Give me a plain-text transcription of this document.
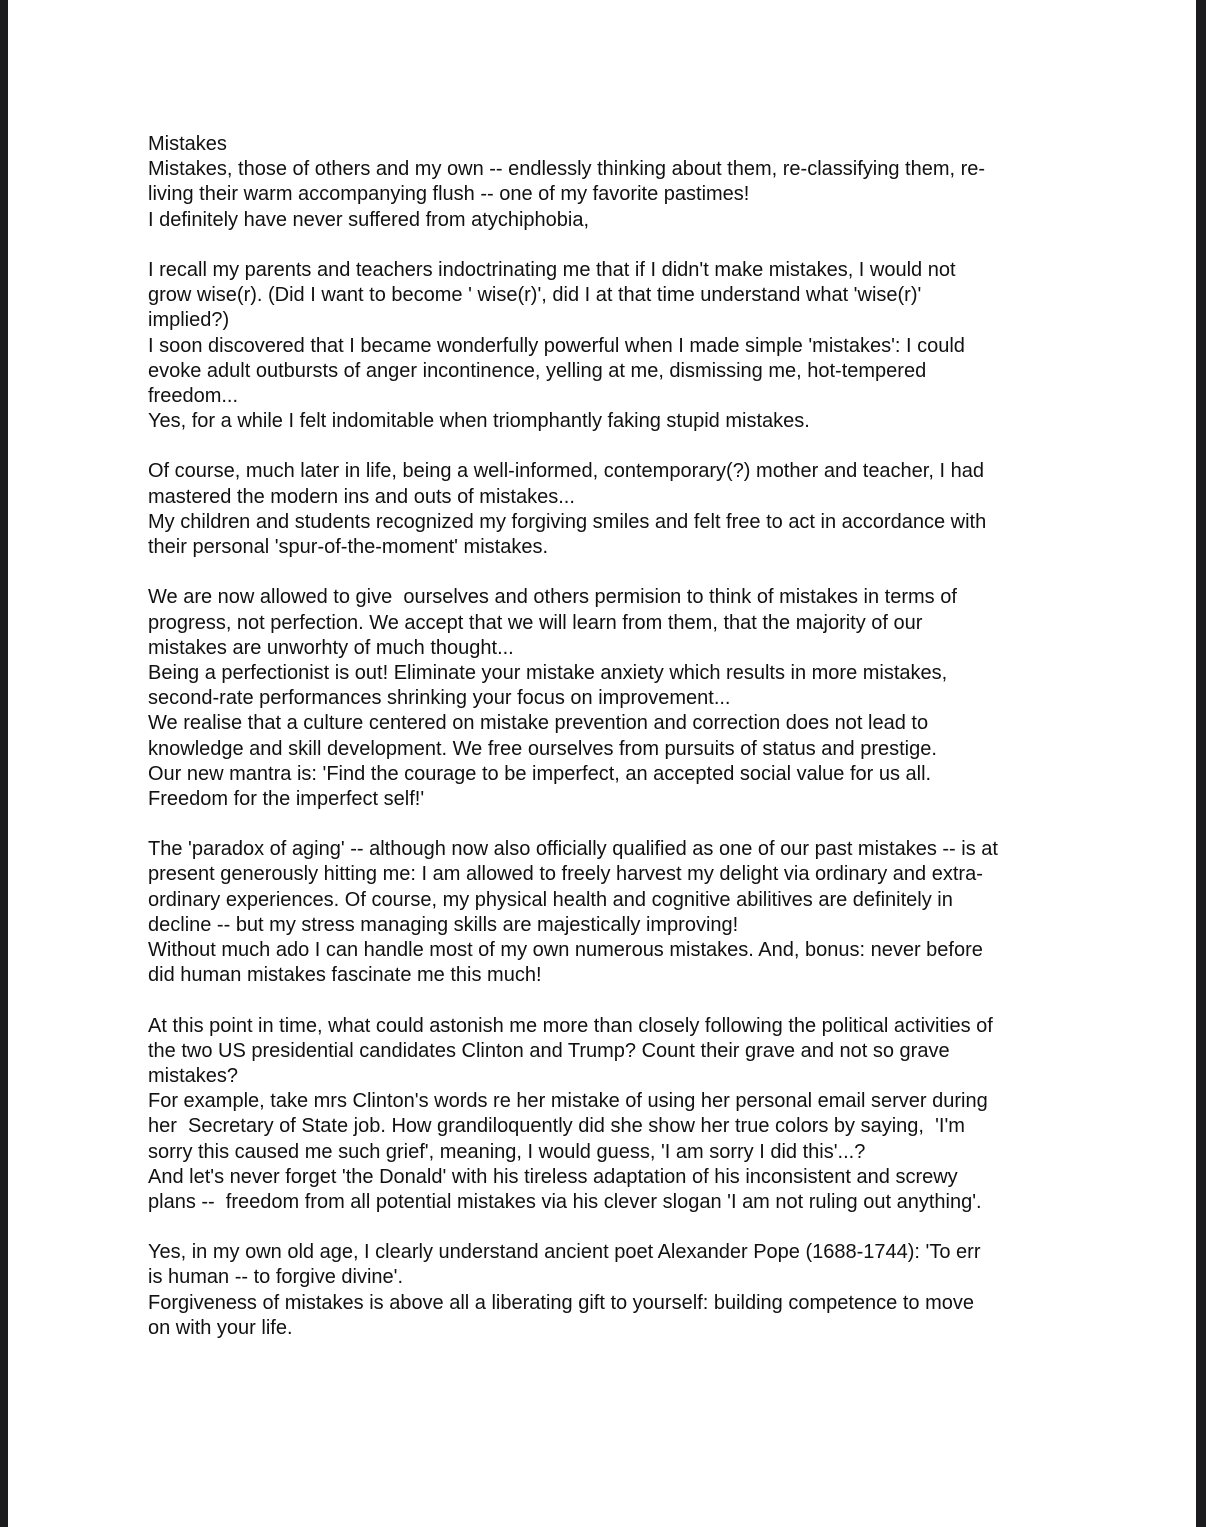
Mistakes
Mistakes, those of others and my own -- endlessly thinking about them, re-classifying them, re-
living their warm accompanying flush -- one of my favorite pastimes!
I definitely have never suffered from atychiphobia,
I recall my parents and teachers indoctrinating me that if I didn't make mistakes, I would not
grow wise(r). (Did I want to become ' wise(r)', did I at that time understand what 'wise(r)'
implied?)
I soon discovered that I became wonderfully powerful when I made simple 'mistakes': I could
evoke adult outbursts of anger incontinence, yelling at me, dismissing me, hot-tempered
freedom...
Yes, for a while I felt indomitable when triomphantly faking stupid mistakes.
Of course, much later in life, being a well-informed, contemporary(?) mother and teacher, I had
mastered the modern ins and outs of mistakes...
My children and students recognized my forgiving smiles and felt free to act in accordance with
their personal 'spur-of-the-moment' mistakes.
We are now allowed to give  ourselves and others permision to think of mistakes in terms of
progress, not perfection. We accept that we will learn from them, that the majority of our
mistakes are unworhty of much thought...
Being a perfectionist is out! Eliminate your mistake anxiety which results in more mistakes,
second-rate performances shrinking your focus on improvement...
We realise that a culture centered on mistake prevention and correction does not lead to
knowledge and skill development. We free ourselves from pursuits of status and prestige.
Our new mantra is: 'Find the courage to be imperfect, an accepted social value for us all.
Freedom for the imperfect self!'
The 'paradox of aging' -- although now also officially qualified as one of our past mistakes -- is at
present generously hitting me: I am allowed to freely harvest my delight via ordinary and extra-
ordinary experiences. Of course, my physical health and cognitive abilitives are definitely in
decline -- but my stress managing skills are majestically improving!
Without much ado I can handle most of my own numerous mistakes. And, bonus: never before
did human mistakes fascinate me this much!
At this point in time, what could astonish me more than closely following the political activities of
the two US presidential candidates Clinton and Trump? Count their grave and not so grave
mistakes?
For example, take mrs Clinton's words re her mistake of using her personal email server during
her  Secretary of State job. How grandiloquently did she show her true colors by saying,  'I'm
sorry this caused me such grief', meaning, I would guess, 'I am sorry I did this'...?
And let's never forget 'the Donald' with his tireless adaptation of his inconsistent and screwy
plans --  freedom from all potential mistakes via his clever slogan 'I am not ruling out anything'.
Yes, in my own old age, I clearly understand ancient poet Alexander Pope (1688-1744): 'To err
is human -- to forgive divine'.
Forgiveness of mistakes is above all a liberating gift to yourself: building competence to move
on with your life.
